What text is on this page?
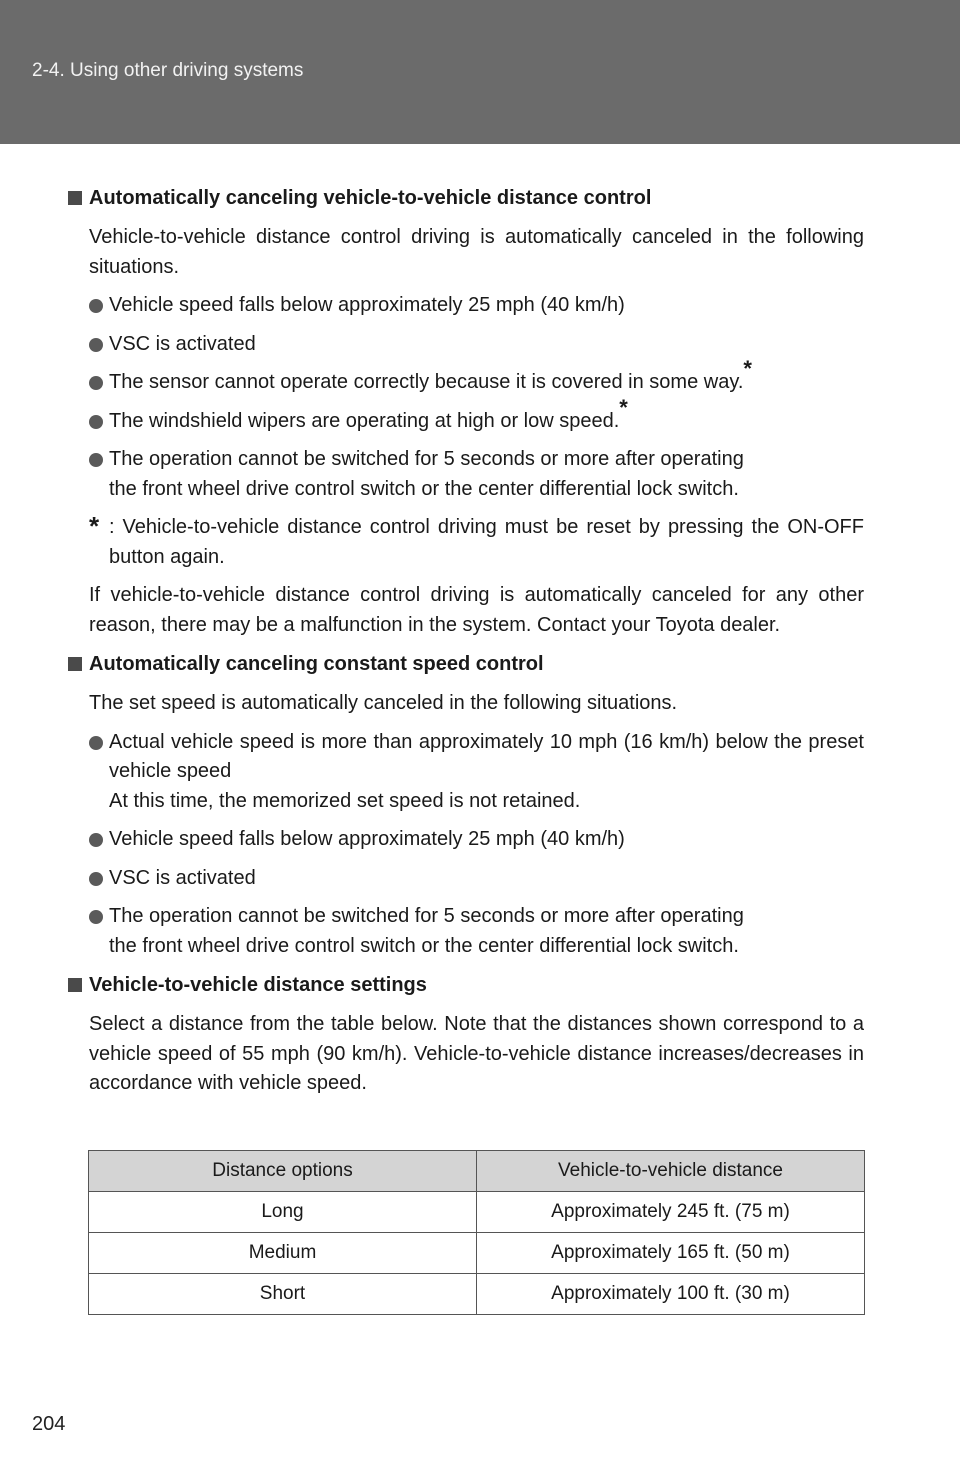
2-4. Using other driving systems
Automatically canceling vehicle-to-vehicle distance control
Vehicle-to-vehicle distance control driving is automatically canceled in the following situations.
Vehicle speed falls below approximately 25 mph (40 km/h)
VSC is activated
The sensor cannot operate correctly because it is covered in some way.*
The windshield wipers are operating at high or low speed.*
The operation cannot be switched for 5 seconds or more after operating
the front wheel drive control switch or the center differential lock switch.
* : Vehicle-to-vehicle distance control driving must be reset by pressing the ON-OFF button again.
If vehicle-to-vehicle distance control driving is automatically canceled for any other reason, there may be a malfunction in the system. Contact your Toyota dealer.
Automatically canceling constant speed control
The set speed is automatically canceled in the following situations.
Actual vehicle speed is more than approximately 10 mph (16 km/h) below the preset vehicle speed
At this time, the memorized set speed is not retained.
Vehicle speed falls below approximately 25 mph (40 km/h)
VSC is activated
The operation cannot be switched for 5 seconds or more after operating
the front wheel drive control switch or the center differential lock switch.
Vehicle-to-vehicle distance settings
Select a distance from the table below. Note that the distances shown correspond to a vehicle speed of 55 mph (90 km/h). Vehicle-to-vehicle distance increases/decreases in accordance with vehicle speed.
Distance options	Vehicle-to-vehicle distance
Long	Approximately 245 ft. (75 m)
Medium	Approximately 165 ft. (50 m)
Short	Approximately 100 ft. (30 m)
204
